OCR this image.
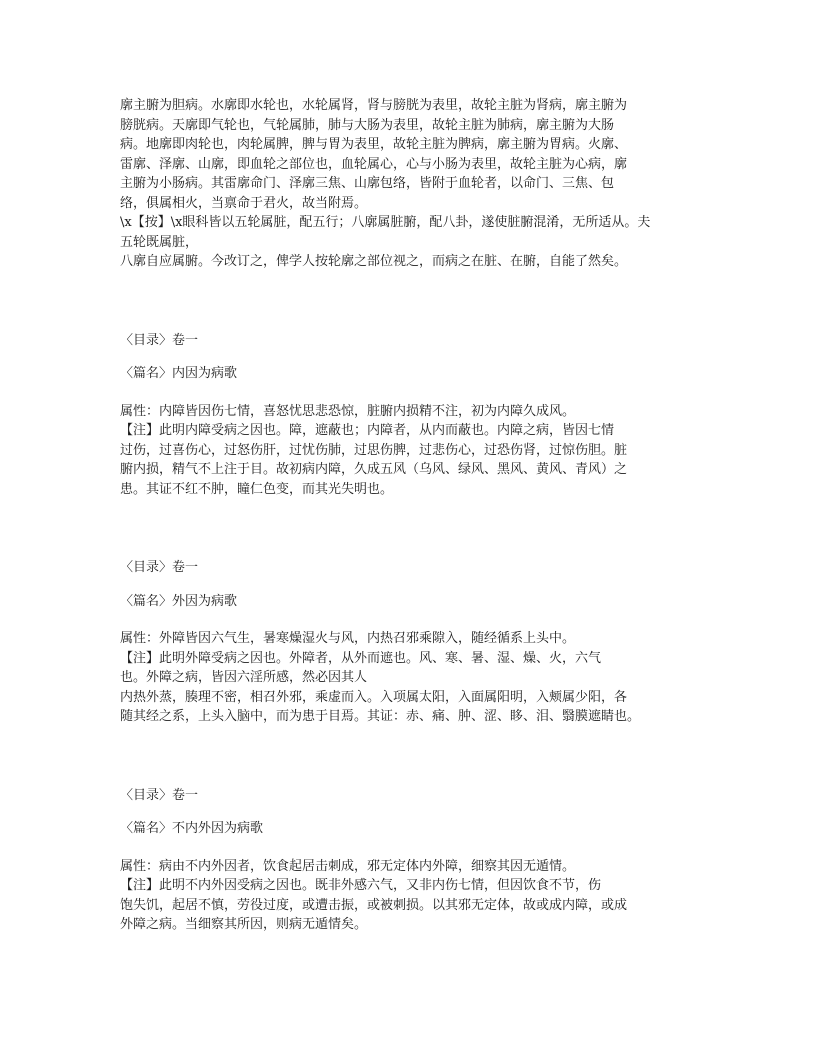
廓主腑为胆病。水廓即水轮也，水轮属肾，肾与膀胱为表里，故轮主脏为肾病，廓主腑为
膀胱病。天廓即气轮也，气轮属肺，肺与大肠为表里，故轮主脏为肺病，廓主腑为大肠
病。地廓即肉轮也，肉轮属脾，脾与胃为表里，故轮主脏为脾病，廓主腑为胃病。火廓、
雷廓、泽廓、山廓，即血轮之部位也，血轮属心，心与小肠为表里，故轮主脏为心病，廓
主腑为小肠病。其雷廓命门、泽廓三焦、山廓包络，皆附于血轮者，以命门、三焦、包
络，俱属相火，当禀命于君火，故当附焉。
\x【按】\x眼科皆以五轮属脏，配五行；八廓属脏腑，配八卦，遂使脏腑混淆，无所适从。夫
五轮既属脏，
八廓自应属腑。今改订之，俾学人按轮廓之部位视之，而病之在脏、在腑，自能了然矣。
〈目录〉卷一
〈篇名〉内因为病歌
属性：内障皆因伤七情，喜怒忧思悲恐惊，脏腑内损精不注，初为内障久成风。
【注】此明内障受病之因也。障，遮蔽也；内障者，从内而蔽也。内障之病，皆因七情
过伤，过喜伤心，过怒伤肝，过忧伤肺，过思伤脾，过悲伤心，过恐伤肾，过惊伤胆。脏
腑内损，精气不上注于目。故初病内障，久成五风（乌风、绿风、黑风、黄风、青风）之
患。其证不红不肿，瞳仁色变，而其光失明也。
〈目录〉卷一
〈篇名〉外因为病歌
属性：外障皆因六气生，暑寒燥湿火与风，内热召邪乘隙入，随经循系上头中。
【注】此明外障受病之因也。外障者，从外而遮也。风、寒、暑、湿、燥、火，六气
也。外障之病，皆因六淫所感，然必因其人
内热外蒸，腠理不密，相召外邪，乘虚而入。入项属太阳，入面属阳明，入颊属少阳，各
随其经之系，上头入脑中，而为患于目焉。其证：赤、痛、肿、涩、眵、泪、翳膜遮睛也。
〈目录〉卷一
〈篇名〉不内外因为病歌
属性：病由不内外因者，饮食起居击刺成，邪无定体内外障，细察其因无遁情。
【注】此明不内外因受病之因也。既非外感六气，又非内伤七情，但因饮食不节，伤
饱失饥，起居不慎，劳役过度，或遭击振，或被刺损。以其邪无定体，故或成内障，或成
外障之病。当细察其所因，则病无遁情矣。
